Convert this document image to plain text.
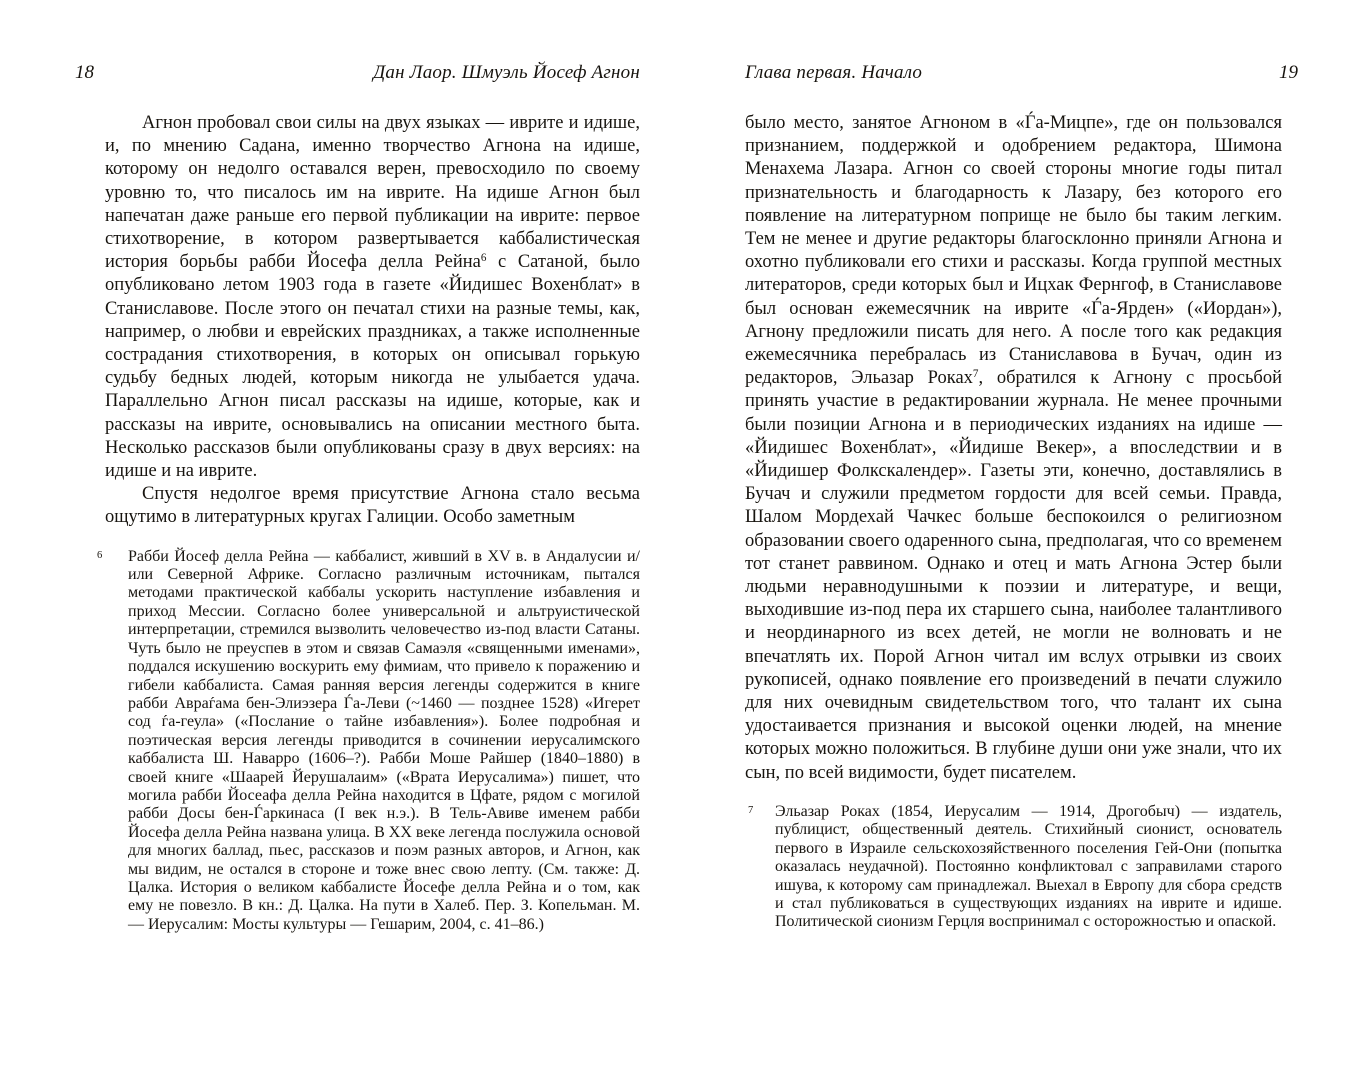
18	Дан Лаор. Шмуэль Йосеф Агнон

Агнон пробовал свои силы на двух языках — иврите и идише, и, по мнению Садана, именно творчество Агнона на идише, которому он недолго оставался верен, превосходило по своему уровню то, что писалось им на иврите. На идише Агнон был напечатан даже раньше его первой публикации на иврите: первое стихотворение, в котором развертывается каббалистическая история борьбы рабби Йосефа делла Рейна$^6$ с Сатаной, было опубликовано летом 1903 года в газете «Йидишес Вохенблат» в Станиславове. После этого он печатал стихи на разные темы, как, например, о любви и еврейских праздниках, а также исполненные сострадания стихотворения, в которых он описывал горькую судьбу бедных людей, которым никогда не улыбается удача. Параллельно Агнон писал рассказы на идише, которые, как и рассказы на иврите, основывались на описании местного быта. Несколько рассказов были опубликованы сразу в двух версиях: на идише и на иврите.

Спустя недолгое время присутствие Агнона стало весьма ощутимо в литературных кругах Галиции. Особо заметным

6 Рабби Йосеф делла Рейна — каббалист, живший в XV в. в Андалусии и/или Северной Африке. Согласно различным источникам, пытался методами практической каббалы ускорить наступление избавления и приход Мессии. Согласно более универсальной и альтруистической интерпретации, стремился вызволить человечество из-под власти Сатаны. Чуть было не преуспев в этом и связав Самаэля «священными именами», поддался искушению воскурить ему фимиам, что привело к поражению и гибели каббалиста. Самая ранняя версия легенды содержится в книге рабби Авраѓама бен-Элиэзера Ѓа-Леви (~1460 — позднее 1528) «Игерет сод ѓа-геула» («Послание о тайне избавления»). Более подробная и поэтическая версия легенды приводится в сочинении иерусалимского каббалиста Ш. Наварро (1606–?). Рабби Моше Райшер (1840–1880) в своей книге «Шаарей Йерушалаим» («Врата Иерусалима») пишет, что могила рабби Йосеафа делла Рейна находится в Цфате, рядом с могилой рабби Досы бен-Ѓаркинаса (I век н.э.). В Тель-Авиве именем рабби Йосефа делла Рейна названа улица. В XX веке легенда послужила основой для многих баллад, пьес, рассказов и поэм разных авторов, и Агнон, как мы видим, не остался в стороне и тоже внес свою лепту. (См. также: Д. Цалка. История о великом каббалисте Йосефе делла Рейна и о том, как ему не повезло. В кн.: Д. Цалка. На пути в Халеб. Пер. З. Копельман. М. — Иерусалим: Мосты культуры — Гешарим, 2004, с. 41–86.)
Глава первая. Начало	19

было место, занятое Агноном в «Ѓа-Мицпе», где он пользовался признанием, поддержкой и одобрением редактора, Шимона Менахема Лазара. Агнон со своей стороны многие годы питал признательность и благодарность к Лазару, без которого его появление на литературном поприще не было бы таким легким. Тем не менее и другие редакторы благосклонно приняли Агнона и охотно публиковали его стихи и рассказы. Когда группой местных литераторов, среди которых был и Ицхак Фернгоф, в Станиславове был основан ежемесячник на иврите «Ѓа-Ярден» («Иордан»), Агнону предложили писать для него. А после того как редакция ежемесячника перебралась из Станиславова в Бучач, один из редакторов, Эльазар Роках$^7$, обратился к Агнону с просьбой принять участие в редактировании журнала. Не менее прочными были позиции Агнона и в периодических изданиях на идише — «Йидишес Вохенблат», «Йидише Векер», а впоследствии и в «Йидишер Фолкскалендер». Газеты эти, конечно, доставлялись в Бучач и служили предметом гордости для всей семьи. Правда, Шалом Мордехай Чачкес больше беспокоился о религиозном образовании своего одаренного сына, предполагая, что со временем тот станет раввином. Однако и отец и мать Агнона Эстер были людьми неравнодушными к поэзии и литературе, и вещи, выходившие из-под пера их старшего сына, наиболее талантливого и неординарного из всех детей, не могли не волновать и не впечатлять их. Порой Агнон читал им вслух отрывки из своих рукописей, однако появление его произведений в печати служило для них очевидным свидетельством того, что талант их сына удостаивается признания и высокой оценки людей, на мнение которых можно положиться. В глубине души они уже знали, что их сын, по всей видимости, будет писателем.

7 Эльазар Роках (1854, Иерусалим — 1914, Дрогобыч) — издатель, публицист, общественный деятель. Стихийный сионист, основатель первого в Израиле сельскохозяйственного поселения Гей-Они (попытка оказалась неудачной). Постоянно конфликтовал с заправилами старого ишува, к которому сам принадлежал. Выехал в Европу для сбора средств и стал публиковаться в существующих изданиях на иврите и идише. Политической сионизм Герцля воспринимал с осторожностью и опаской.
